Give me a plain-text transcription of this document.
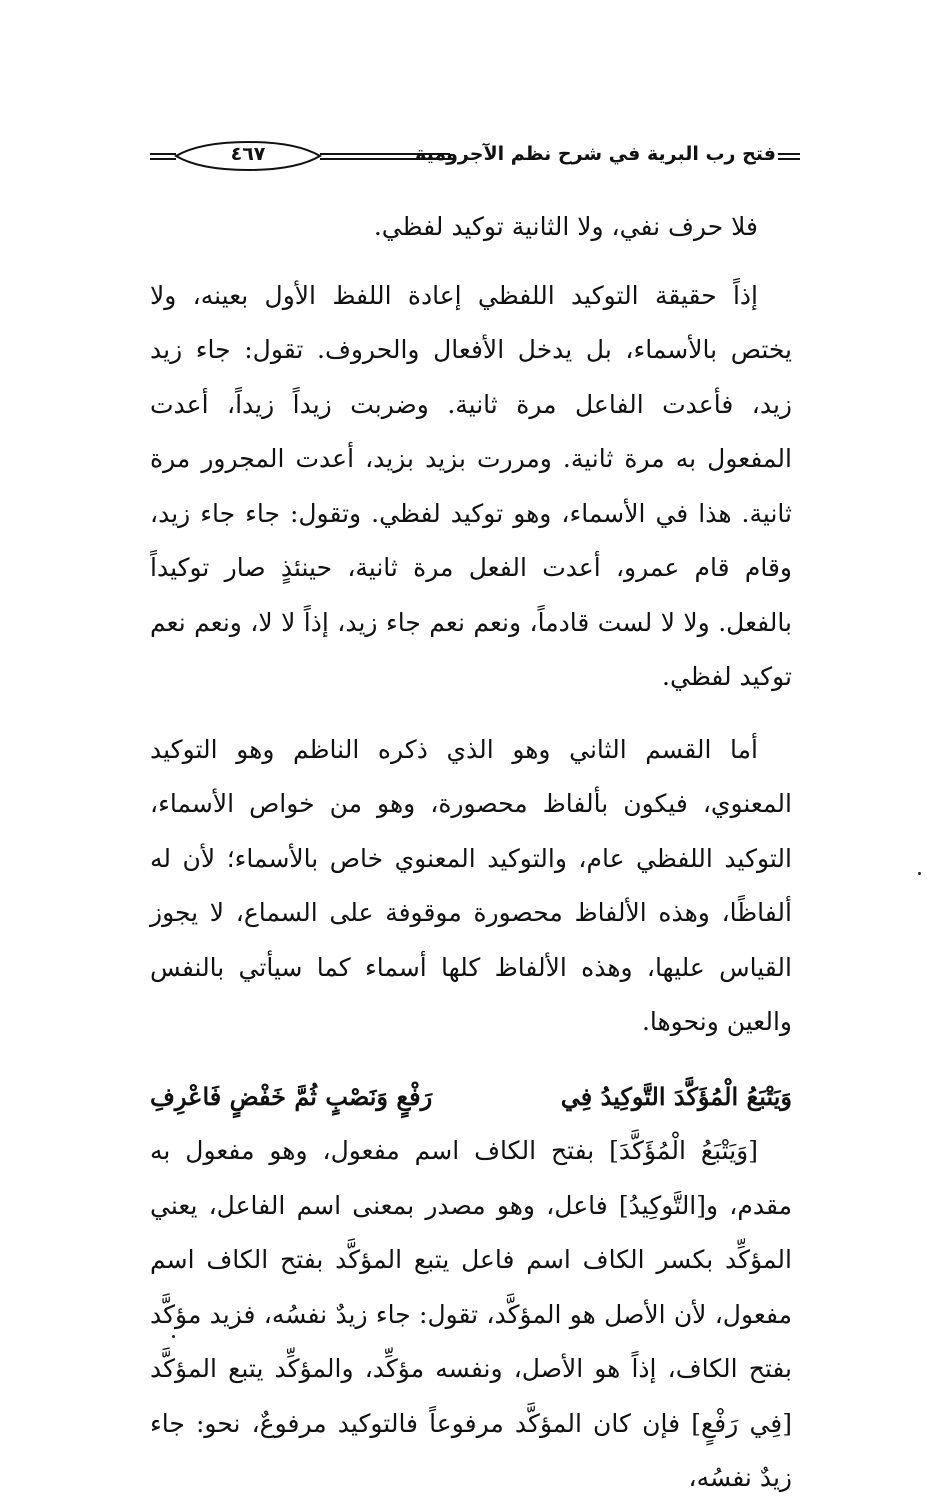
٤٦٧	فتح رب البرية في شرح نظم الآجرومية

فلا حرف نفي، ولا الثانية توكيد لفظي.

إذاً حقيقة التوكيد اللفظي إعادة اللفظ الأول بعينه، ولا يختص بالأسماء، بل يدخل الأفعال والحروف. تقول: جاء زيد زيد، فأعدت الفاعل مرة ثانية. وضربت زيداً زيداً، أعدت المفعول به مرة ثانية. ومررت بزيد بزيد، أعدت المجرور مرة ثانية. هذا في الأسماء، وهو توكيد لفظي. وتقول: جاء جاء زيد، وقام قام عمرو، أعدت الفعل مرة ثانية، حينئذٍ صار توكيداً بالفعل. ولا لا لست قادماً، ونعم نعم جاء زيد، إذاً لا لا، ونعم نعم توكيد لفظي.

أما القسم الثاني وهو الذي ذكره الناظم وهو التوكيد المعنوي، فيكون بألفاظ محصورة، وهو من خواص الأسماء، التوكيد اللفظي عام، والتوكيد المعنوي خاص بالأسماء؛ لأن له ألفاظًا، وهذه الألفاظ محصورة موقوفة على السماع، لا يجوز القياس عليها، وهذه الألفاظ كلها أسماء كما سيأتي بالنفس والعين ونحوها.

وَيَتْبَعُ الْمُؤَكَّدَ التَّوكِيدُ فِي
رَفْعٍ وَنَصْبٍ ثُمَّ خَفْضٍ فَاعْرِفِ

[وَيَتْبَعُ الْمُؤَكَّدَ] بفتح الكاف اسم مفعول، وهو مفعول به مقدم، و[التَّوكِيدُ] فاعل، وهو مصدر بمعنى اسم الفاعل، يعني المؤكِّد بكسر الكاف اسم فاعل يتبع المؤكَّد بفتح الكاف اسم مفعول، لأن الأصل هو المؤكَّد، تقول: جاء زيدٌ نفسُه، فزيد مؤكَّد بفتح الكاف، إذاً هو الأصل، ونفسه مؤكِّد، والمؤكِّد يتبع المؤكَّد [فِي رَفْعٍ] فإن كان المؤكَّد مرفوعاً فالتوكيد مرفوعٌ، نحو: جاء زيدٌ نفسُه،
